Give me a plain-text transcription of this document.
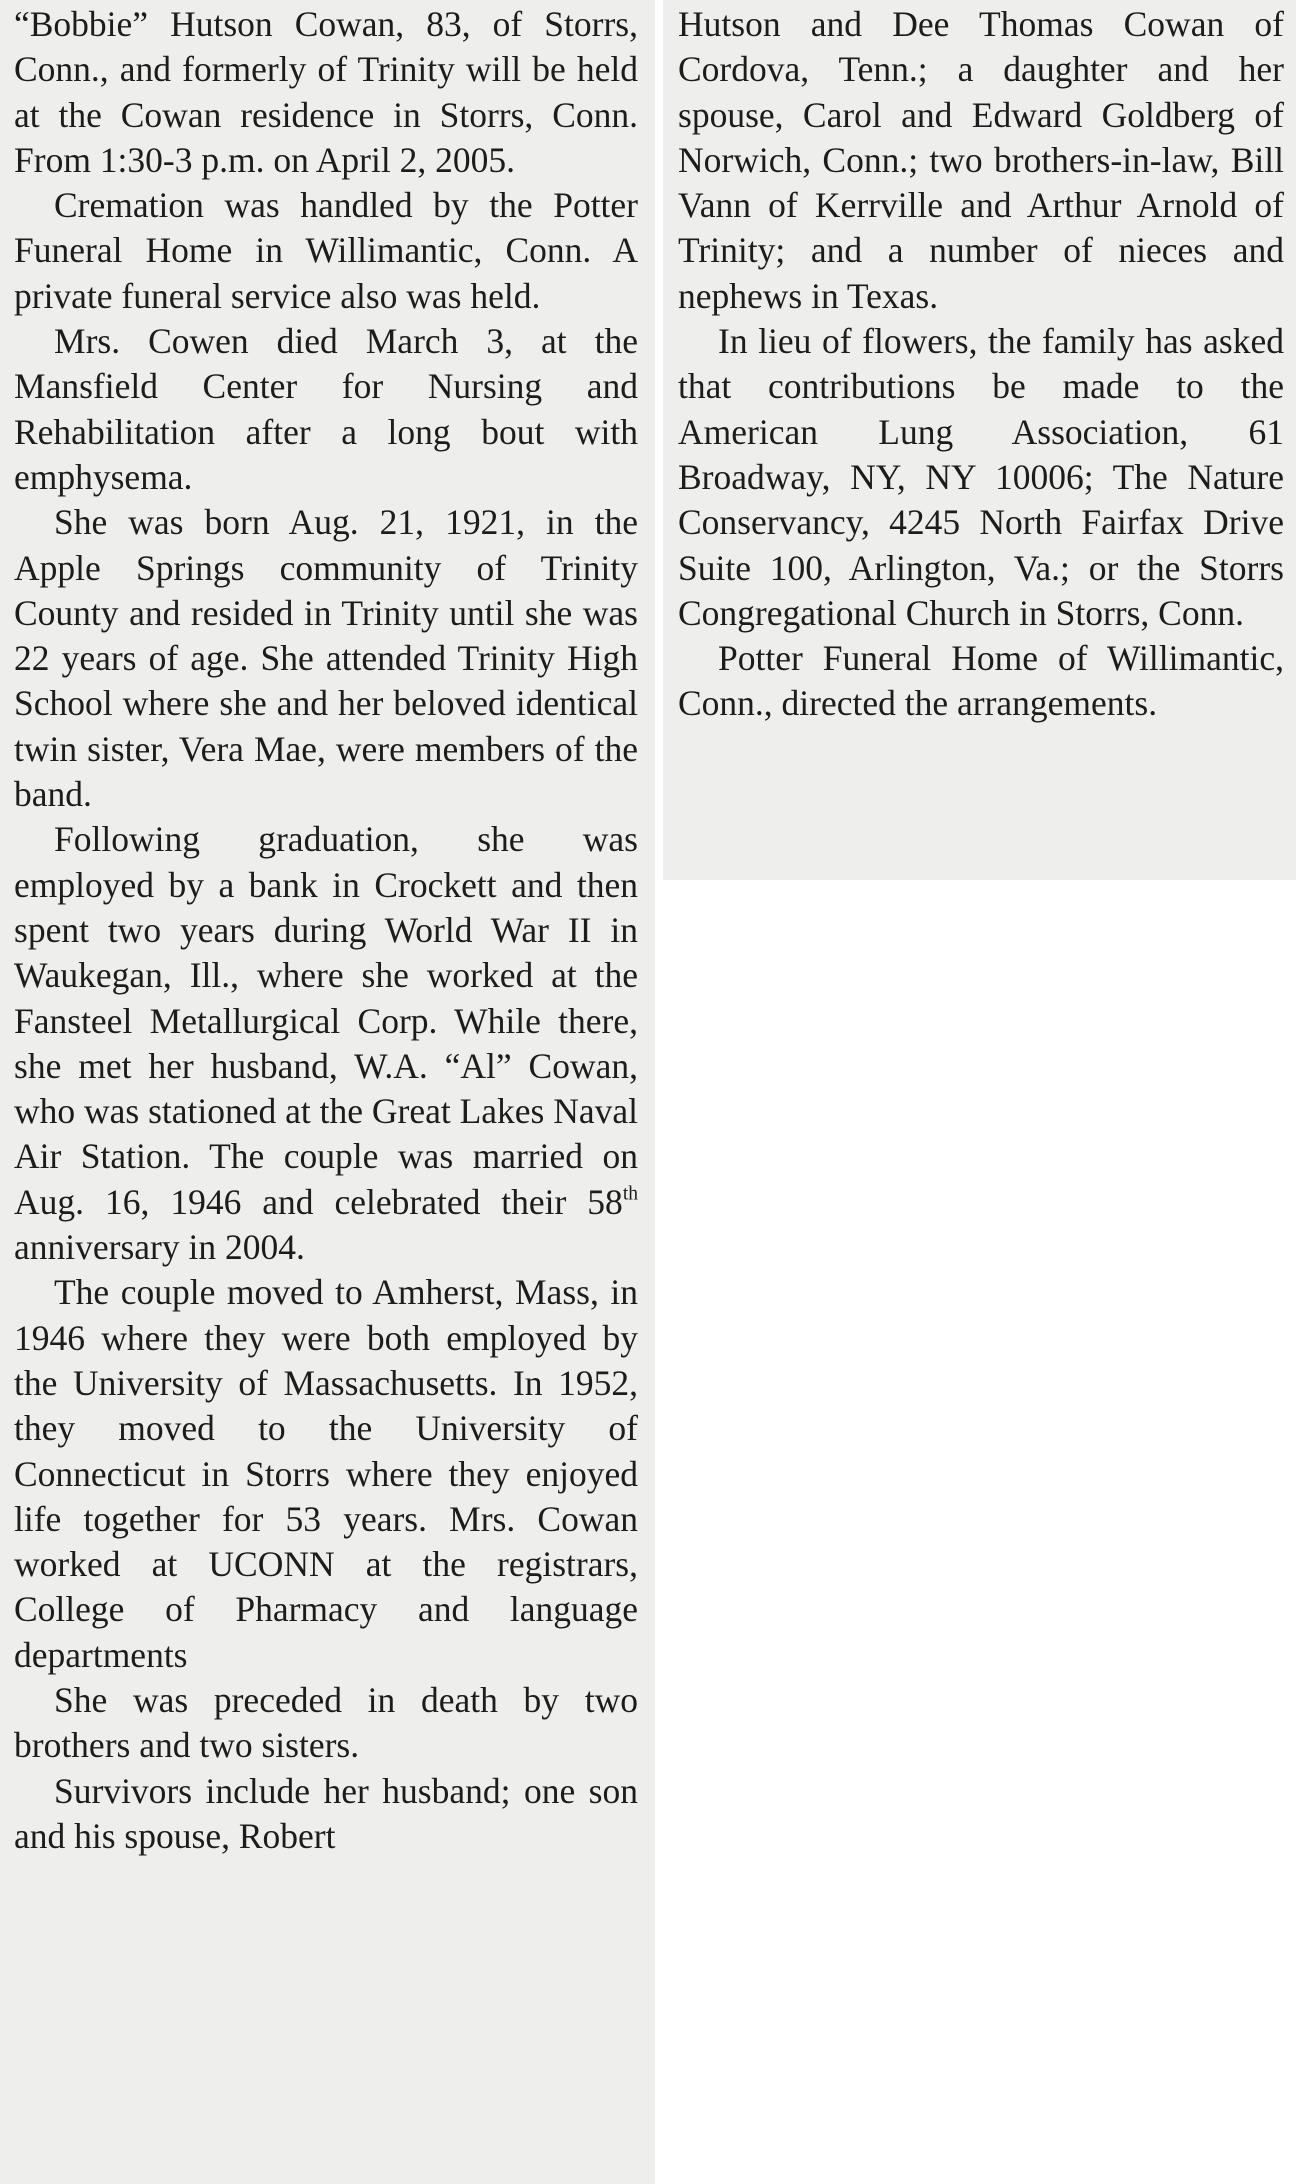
“Bobbie” Hutson Cowan, 83, of Storrs, Conn., and formerly of Trinity will be held at the Cowan residence in Storrs, Conn. From 1:30-3 p.m. on April 2, 2005.

Cremation was handled by the Potter Funeral Home in Willimantic, Conn. A private funeral service also was held.

Mrs. Cowen died March 3, at the Mansfield Center for Nursing and Rehabilitation after a long bout with emphysema.

She was born Aug. 21, 1921, in the Apple Springs community of Trinity County and resided in Trinity until she was 22 years of age. She attended Trinity High School where she and her beloved identical twin sister, Vera Mae, were members of the band.

Following graduation, she was employed by a bank in Crockett and then spent two years during World War II in Waukegan, Ill., where she worked at the Fansteel Metallurgical Corp. While there, she met her husband, W.A. “Al” Cowan, who was stationed at the Great Lakes Naval Air Station. The couple was married on Aug. 16, 1946 and celebrated their 58th anniversary in 2004.

The couple moved to Amherst, Mass, in 1946 where they were both employed by the University of Massachusetts. In 1952, they moved to the University of Connecticut in Storrs where they enjoyed life together for 53 years. Mrs. Cowan worked at UCONN at the registrars, College of Pharmacy and language departments

She was preceded in death by two brothers and two sisters.

Survivors include her husband; one son and his spouse, Robert

Hutson and Dee Thomas Cowan of Cordova, Tenn.; a daughter and her spouse, Carol and Edward Goldberg of Norwich, Conn.; two brothers-in-law, Bill Vann of Kerrville and Arthur Arnold of Trinity; and a number of nieces and nephews in Texas.

In lieu of flowers, the family has asked that contributions be made to the American Lung Association, 61 Broadway, NY, NY 10006; The Nature Conservancy, 4245 North Fairfax Drive Suite 100, Arlington, Va.; or the Storrs Congregational Church in Storrs, Conn.

Potter Funeral Home of Willimantic, Conn., directed the arrangements.
